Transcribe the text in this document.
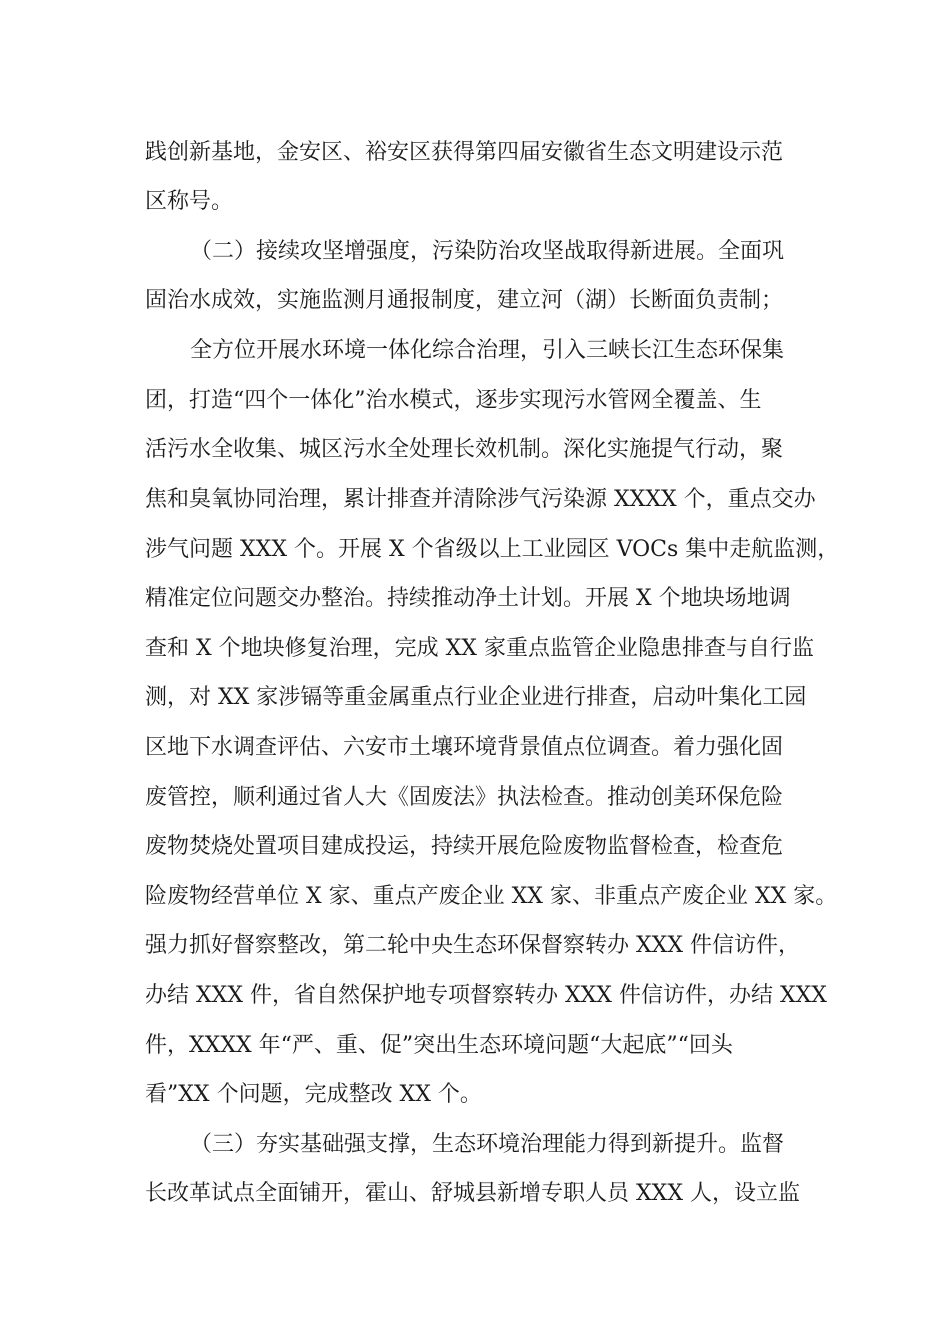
践创新基地，金安区、裕安区获得第四届安徽省生态文明建设示范

区称号。

（二）接续攻坚增强度，污染防治攻坚战取得新进展。全面巩

固治水成效，实施监测月通报制度，建立河（湖）长断面负责制；

全方位开展水环境一体化综合治理，引入三峡长江生态环保集

团，打造“四个一体化”治水模式，逐步实现污水管网全覆盖、生

活污水全收集、城区污水全处理长效机制。深化实施提气行动，聚

焦和臭氧协同治理，累计排查并清除涉气污染源 XXXX 个，重点交办

涉气问题 XXX 个。开展 X 个省级以上工业园区 VOCs 集中走航监测，

精准定位问题交办整治。持续推动净土计划。开展 X 个地块场地调

查和 X 个地块修复治理，完成 XX 家重点监管企业隐患排查与自行监

测，对 XX 家涉镉等重金属重点行业企业进行排查，启动叶集化工园

区地下水调查评估、六安市土壤环境背景值点位调查。着力强化固

废管控，顺利通过省人大《固废法》执法检查。推动创美环保危险

废物焚烧处置项目建成投运，持续开展危险废物监督检查，检查危

险废物经营单位 X 家、重点产废企业 XX 家、非重点产废企业 XX 家。

强力抓好督察整改，第二轮中央生态环保督察转办 XXX 件信访件，

办结 XXX 件，省自然保护地专项督察转办 XXX 件信访件，办结 XXX

件，XXXX 年“严、重、促”突出生态环境问题“大起底”“回头

看”XX 个问题，完成整改 XX 个。

（三）夯实基础强支撑，生态环境治理能力得到新提升。监督

长改革试点全面铺开，霍山、舒城县新增专职人员 XXX 人，设立监
